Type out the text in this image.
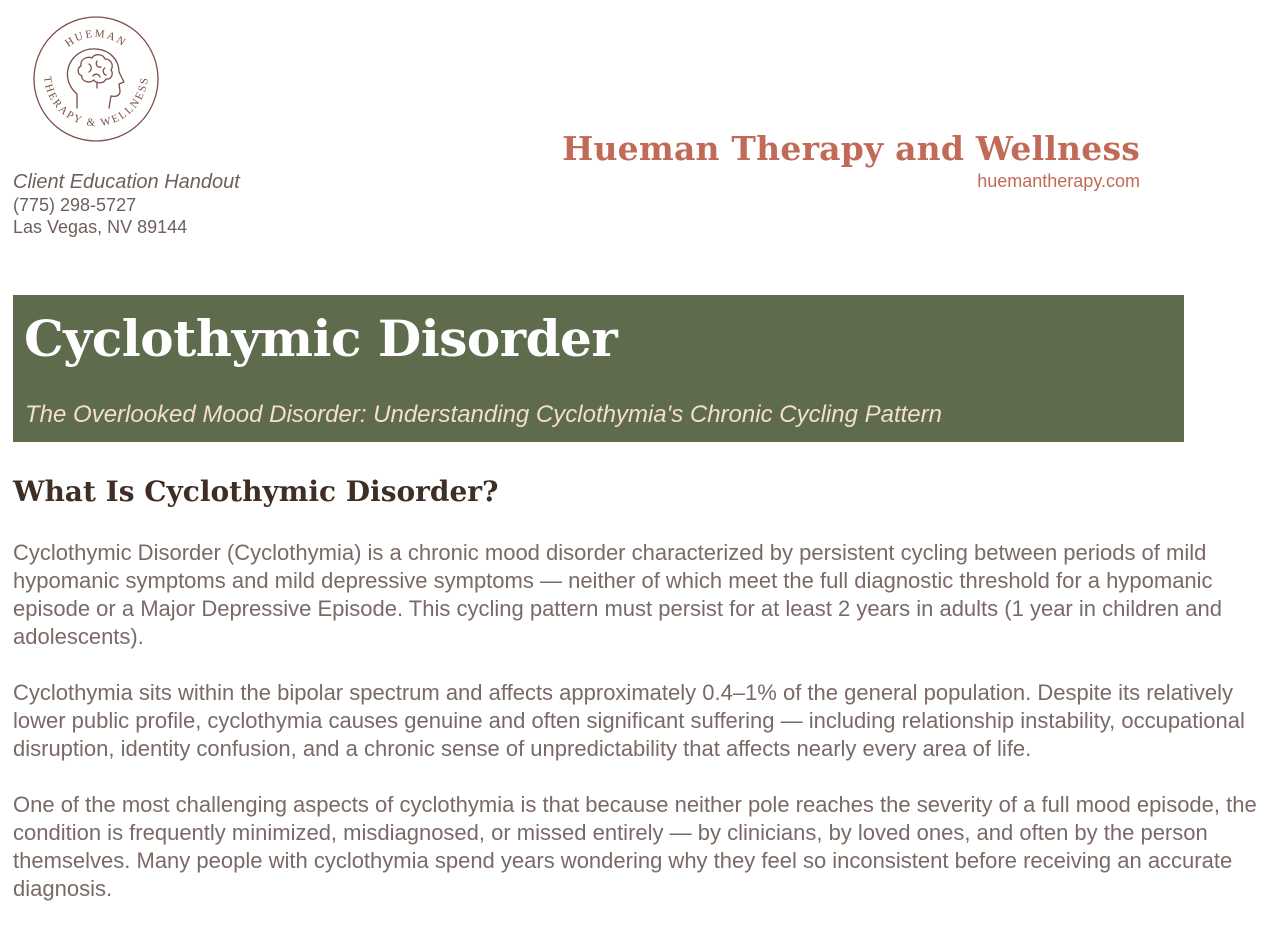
HUEMAN
THERAPY & WELLNESS
Client Education Handout
(775) 298-5727
Las Vegas, NV 89144
Hueman Therapy and Wellness
huemantherapy.com
Cyclothymic Disorder
The Overlooked Mood Disorder: Understanding Cyclothymia's Chronic Cycling Pattern
What Is Cyclothymic Disorder?

Cyclothymic Disorder (Cyclothymia) is a chronic mood disorder characterized by persistent cycling between periods of mild hypomanic symptoms and mild depressive symptoms — neither of which meet the full diagnostic threshold for a hypomanic episode or a Major Depressive Episode. This cycling pattern must persist for at least 2 years in adults (1 year in children and adolescents).

Cyclothymia sits within the bipolar spectrum and affects approximately 0.4–1% of the general population. Despite its relatively lower public profile, cyclothymia causes genuine and often significant suffering — including relationship instability, occupational disruption, identity confusion, and a chronic sense of unpredictability that affects nearly every area of life.

One of the most challenging aspects of cyclothymia is that because neither pole reaches the severity of a full mood episode, the condition is frequently minimized, misdiagnosed, or missed entirely — by clinicians, by loved ones, and often by the person themselves. Many people with cyclothymia spend years wondering why they feel so inconsistent before receiving an accurate diagnosis.
